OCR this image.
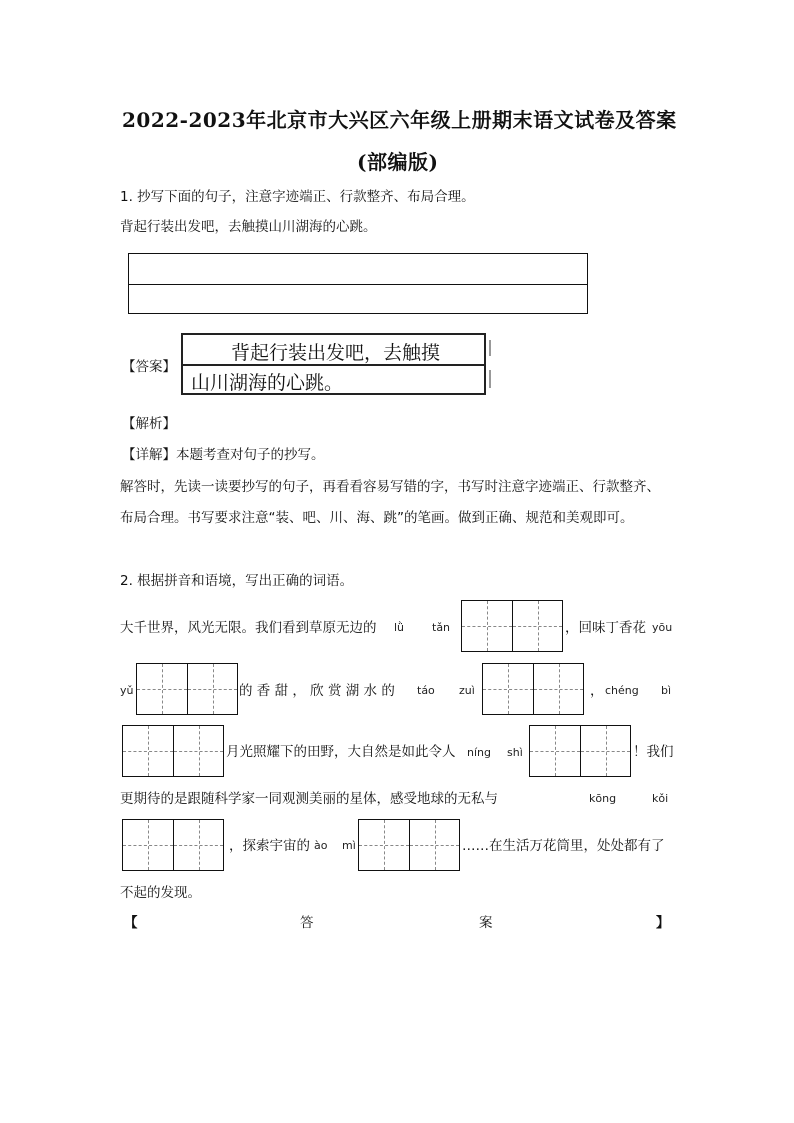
2022-2023年北京市大兴区六年级上册期末语文试卷及答案
(部编版)
1. 抄写下面的句子，注意字迹端正、行款整齐、布局合理。
背起行装出发吧，去触摸山川湖海的心跳。
【答案】
背起行装出发吧，去触摸
山川湖海的心跳。
【解析】
【详解】本题考查对句子的抄写。
解答时，先读一读要抄写的句子，再看看容易写错的字，书写时注意字迹端正、行款整齐、
布局合理。书写要求注意“装、吧、川、海、跳”的笔画。做到正确、规范和美观即可。
2. 根据拼音和语境，写出正确的词语。
大千世界，风光无限。我们看到草原无边的 lǜ	tǎn	，回味丁香花 yōu
yǔ	的 香 甜 ， 欣 赏 湖 水 的 táo zuì	， chéng bì
月光照耀下的田野，大自然是如此令人 níng shì	！我们
更期待的是跟随科学家一同观测美丽的星体，感受地球的无私与	kōng	kǒi
，探索宇宙的 ào mì	……在生活万花筒里，处处都有了
不起的发现。
【	答	案	】
